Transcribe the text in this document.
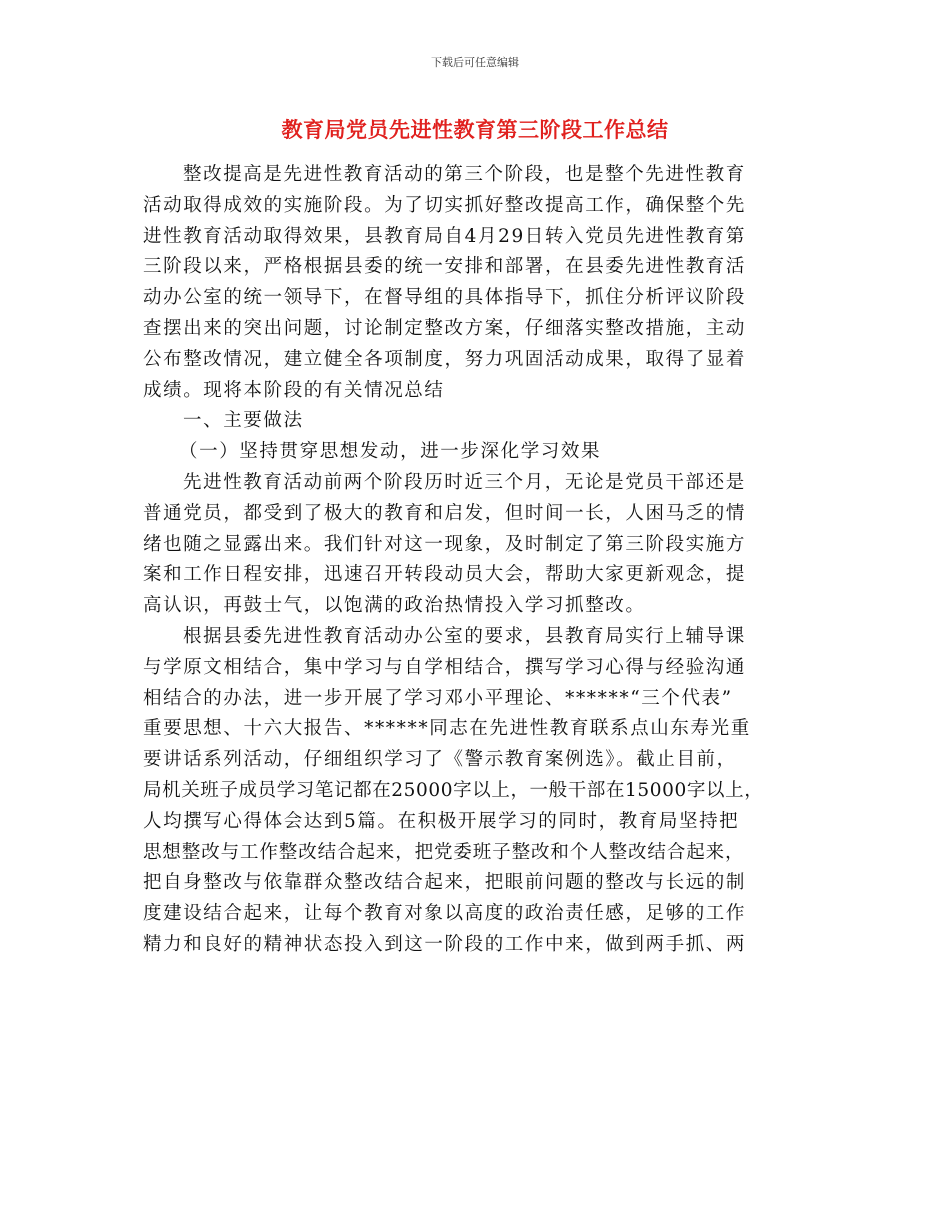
下载后可任意编辑
教育局党员先进性教育第三阶段工作总结
整改提高是先进性教育活动的第三个阶段，也是整个先进性教育
活动取得成效的实施阶段。为了切实抓好整改提高工作，确保整个先
进性教育活动取得效果，县教育局自4月29日转入党员先进性教育第
三阶段以来，严格根据县委的统一安排和部署，在县委先进性教育活
动办公室的统一领导下，在督导组的具体指导下，抓住分析评议阶段
查摆出来的突出问题，讨论制定整改方案，仔细落实整改措施，主动
公布整改情况，建立健全各项制度，努力巩固活动成果，取得了显着
成绩。现将本阶段的有关情况总结
一、主要做法
（一）坚持贯穿思想发动，进一步深化学习效果
先进性教育活动前两个阶段历时近三个月，无论是党员干部还是
普通党员，都受到了极大的教育和启发，但时间一长，人困马乏的情
绪也随之显露出来。我们针对这一现象，及时制定了第三阶段实施方
案和工作日程安排，迅速召开转段动员大会，帮助大家更新观念，提
高认识，再鼓士气，以饱满的政治热情投入学习抓整改。
根据县委先进性教育活动办公室的要求，县教育局实行上辅导课
与学原文相结合，集中学习与自学相结合，撰写学习心得与经验沟通
相结合的办法，进一步开展了学习邓小平理论、******“三个代表”
重要思想、十六大报告、******同志在先进性教育联系点山东寿光重
要讲话系列活动，仔细组织学习了《警示教育案例选》。截止目前，
局机关班子成员学习笔记都在25000字以上，一般干部在15000字以上，
人均撰写心得体会达到5篇。在积极开展学习的同时，教育局坚持把
思想整改与工作整改结合起来，把党委班子整改和个人整改结合起来，
把自身整改与依靠群众整改结合起来，把眼前问题的整改与长远的制
度建设结合起来，让每个教育对象以高度的政治责任感，足够的工作
精力和良好的精神状态投入到这一阶段的工作中来，做到两手抓、两
